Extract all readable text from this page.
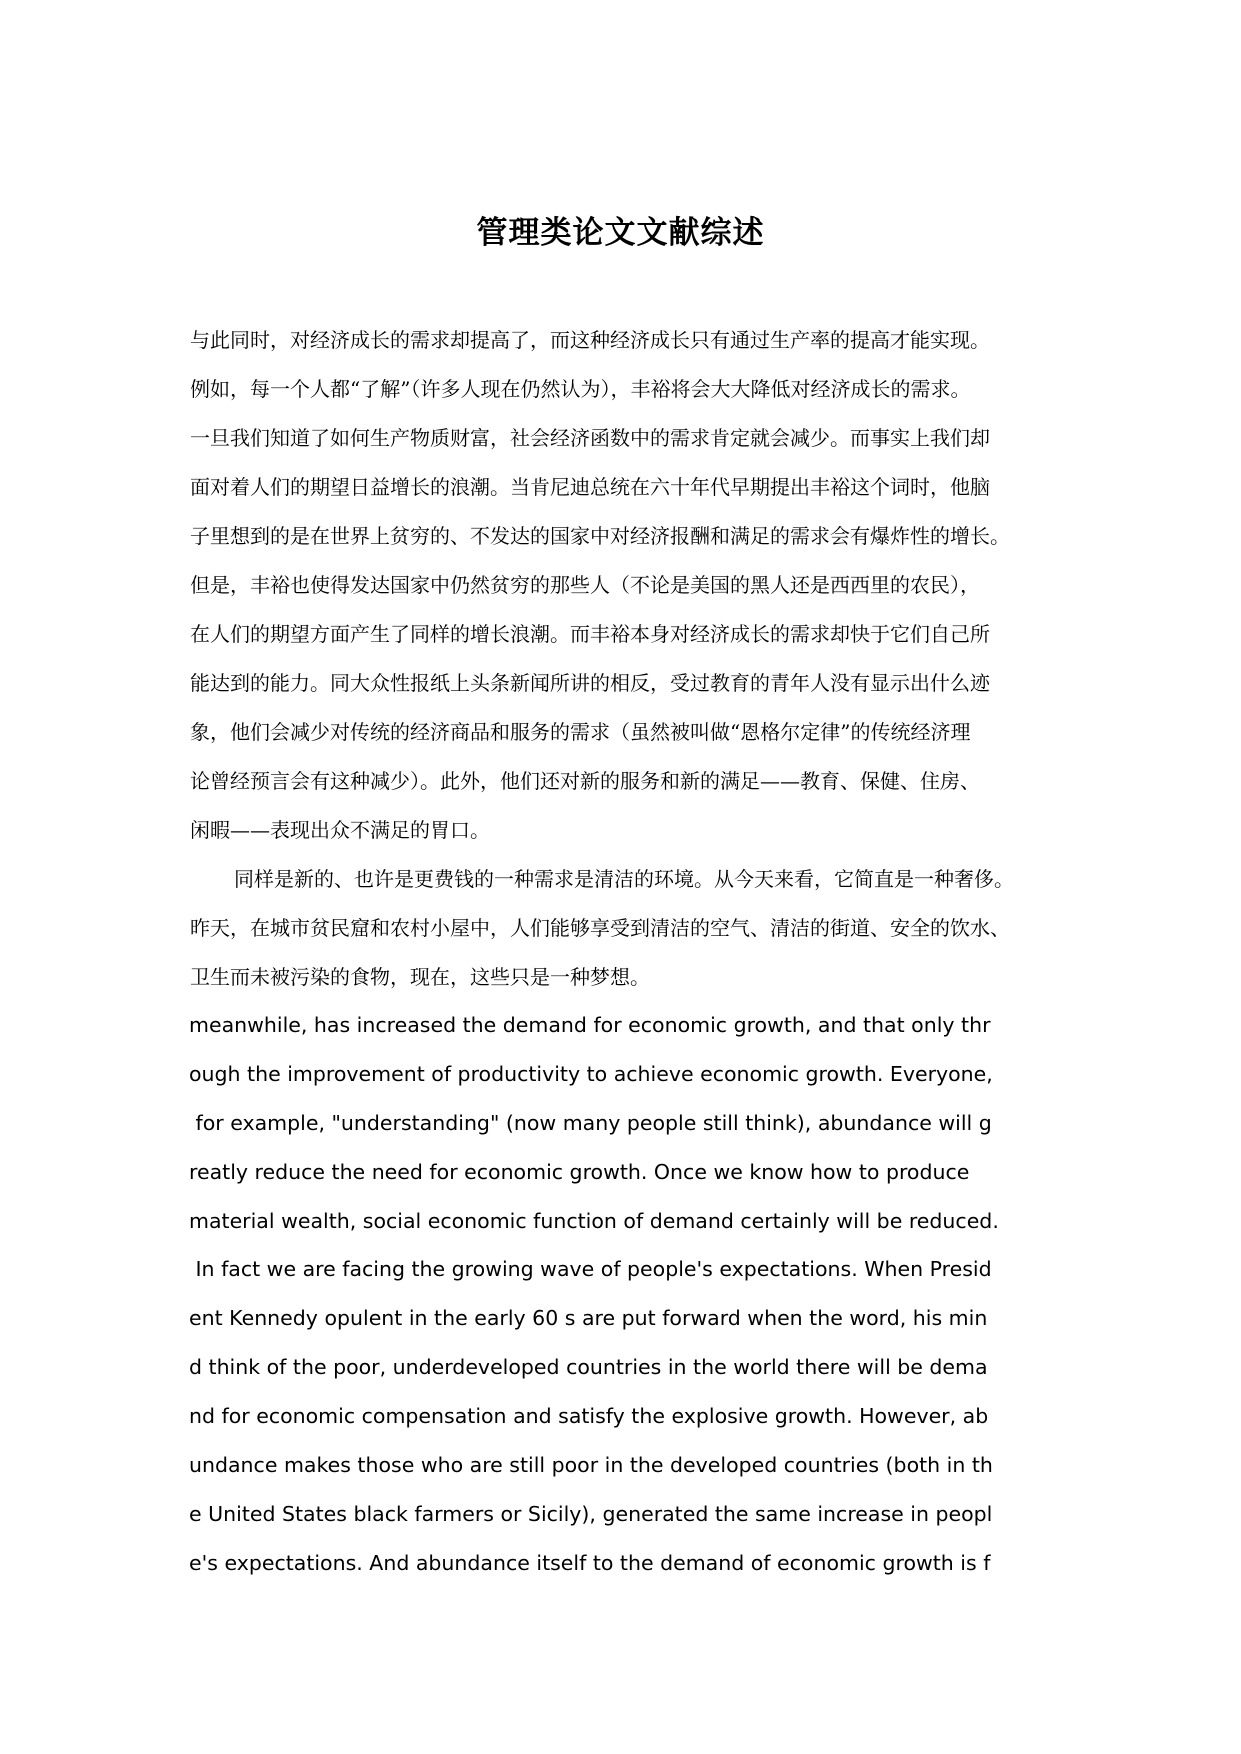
管理类论文文献综述
与此同时，对经济成长的需求却提高了，而这种经济成长只有通过生产率的提高才能实现。
例如，每一个人都“了解”（许多人现在仍然认为），丰裕将会大大降低对经济成长的需求。
一旦我们知道了如何生产物质财富，社会经济函数中的需求肯定就会减少。而事实上我们却
面对着人们的期望日益增长的浪潮。当肯尼迪总统在六十年代早期提出丰裕这个词时，他脑
子里想到的是在世界上贫穷的、不发达的国家中对经济报酬和满足的需求会有爆炸性的增长。
但是，丰裕也使得发达国家中仍然贫穷的那些人（不论是美国的黑人还是西西里的农民），
在人们的期望方面产生了同样的增长浪潮。而丰裕本身对经济成长的需求却快于它们自己所
能达到的能力。同大众性报纸上头条新闻所讲的相反，受过教育的青年人没有显示出什么迹
象，他们会减少对传统的经济商品和服务的需求（虽然被叫做“恩格尔定律”的传统经济理
论曾经预言会有这种减少）。此外，他们还对新的服务和新的满足——教育、保健、住房、
闲暇——表现出众不满足的胃口。
同样是新的、也许是更费钱的一种需求是清洁的环境。从今天来看，它简直是一种奢侈。
昨天，在城市贫民窟和农村小屋中，人们能够享受到清洁的空气、清洁的街道、安全的饮水、
卫生而未被污染的食物，现在，这些只是一种梦想。
meanwhile, has increased the demand for economic growth, and that only thr
ough the improvement of productivity to achieve economic growth. Everyone,
for example, "understanding" (now many people still think), abundance will g
reatly reduce the need for economic growth. Once we know how to produce
material wealth, social economic function of demand certainly will be reduced.
In fact we are facing the growing wave of people's expectations. When Presid
ent Kennedy opulent in the early 60 s are put forward when the word, his min
d think of the poor, underdeveloped countries in the world there will be dema
nd for economic compensation and satisfy the explosive growth. However, ab
undance makes those who are still poor in the developed countries (both in th
e United States black farmers or Sicily), generated the same increase in peopl
e's expectations. And abundance itself to the demand of economic growth is f
